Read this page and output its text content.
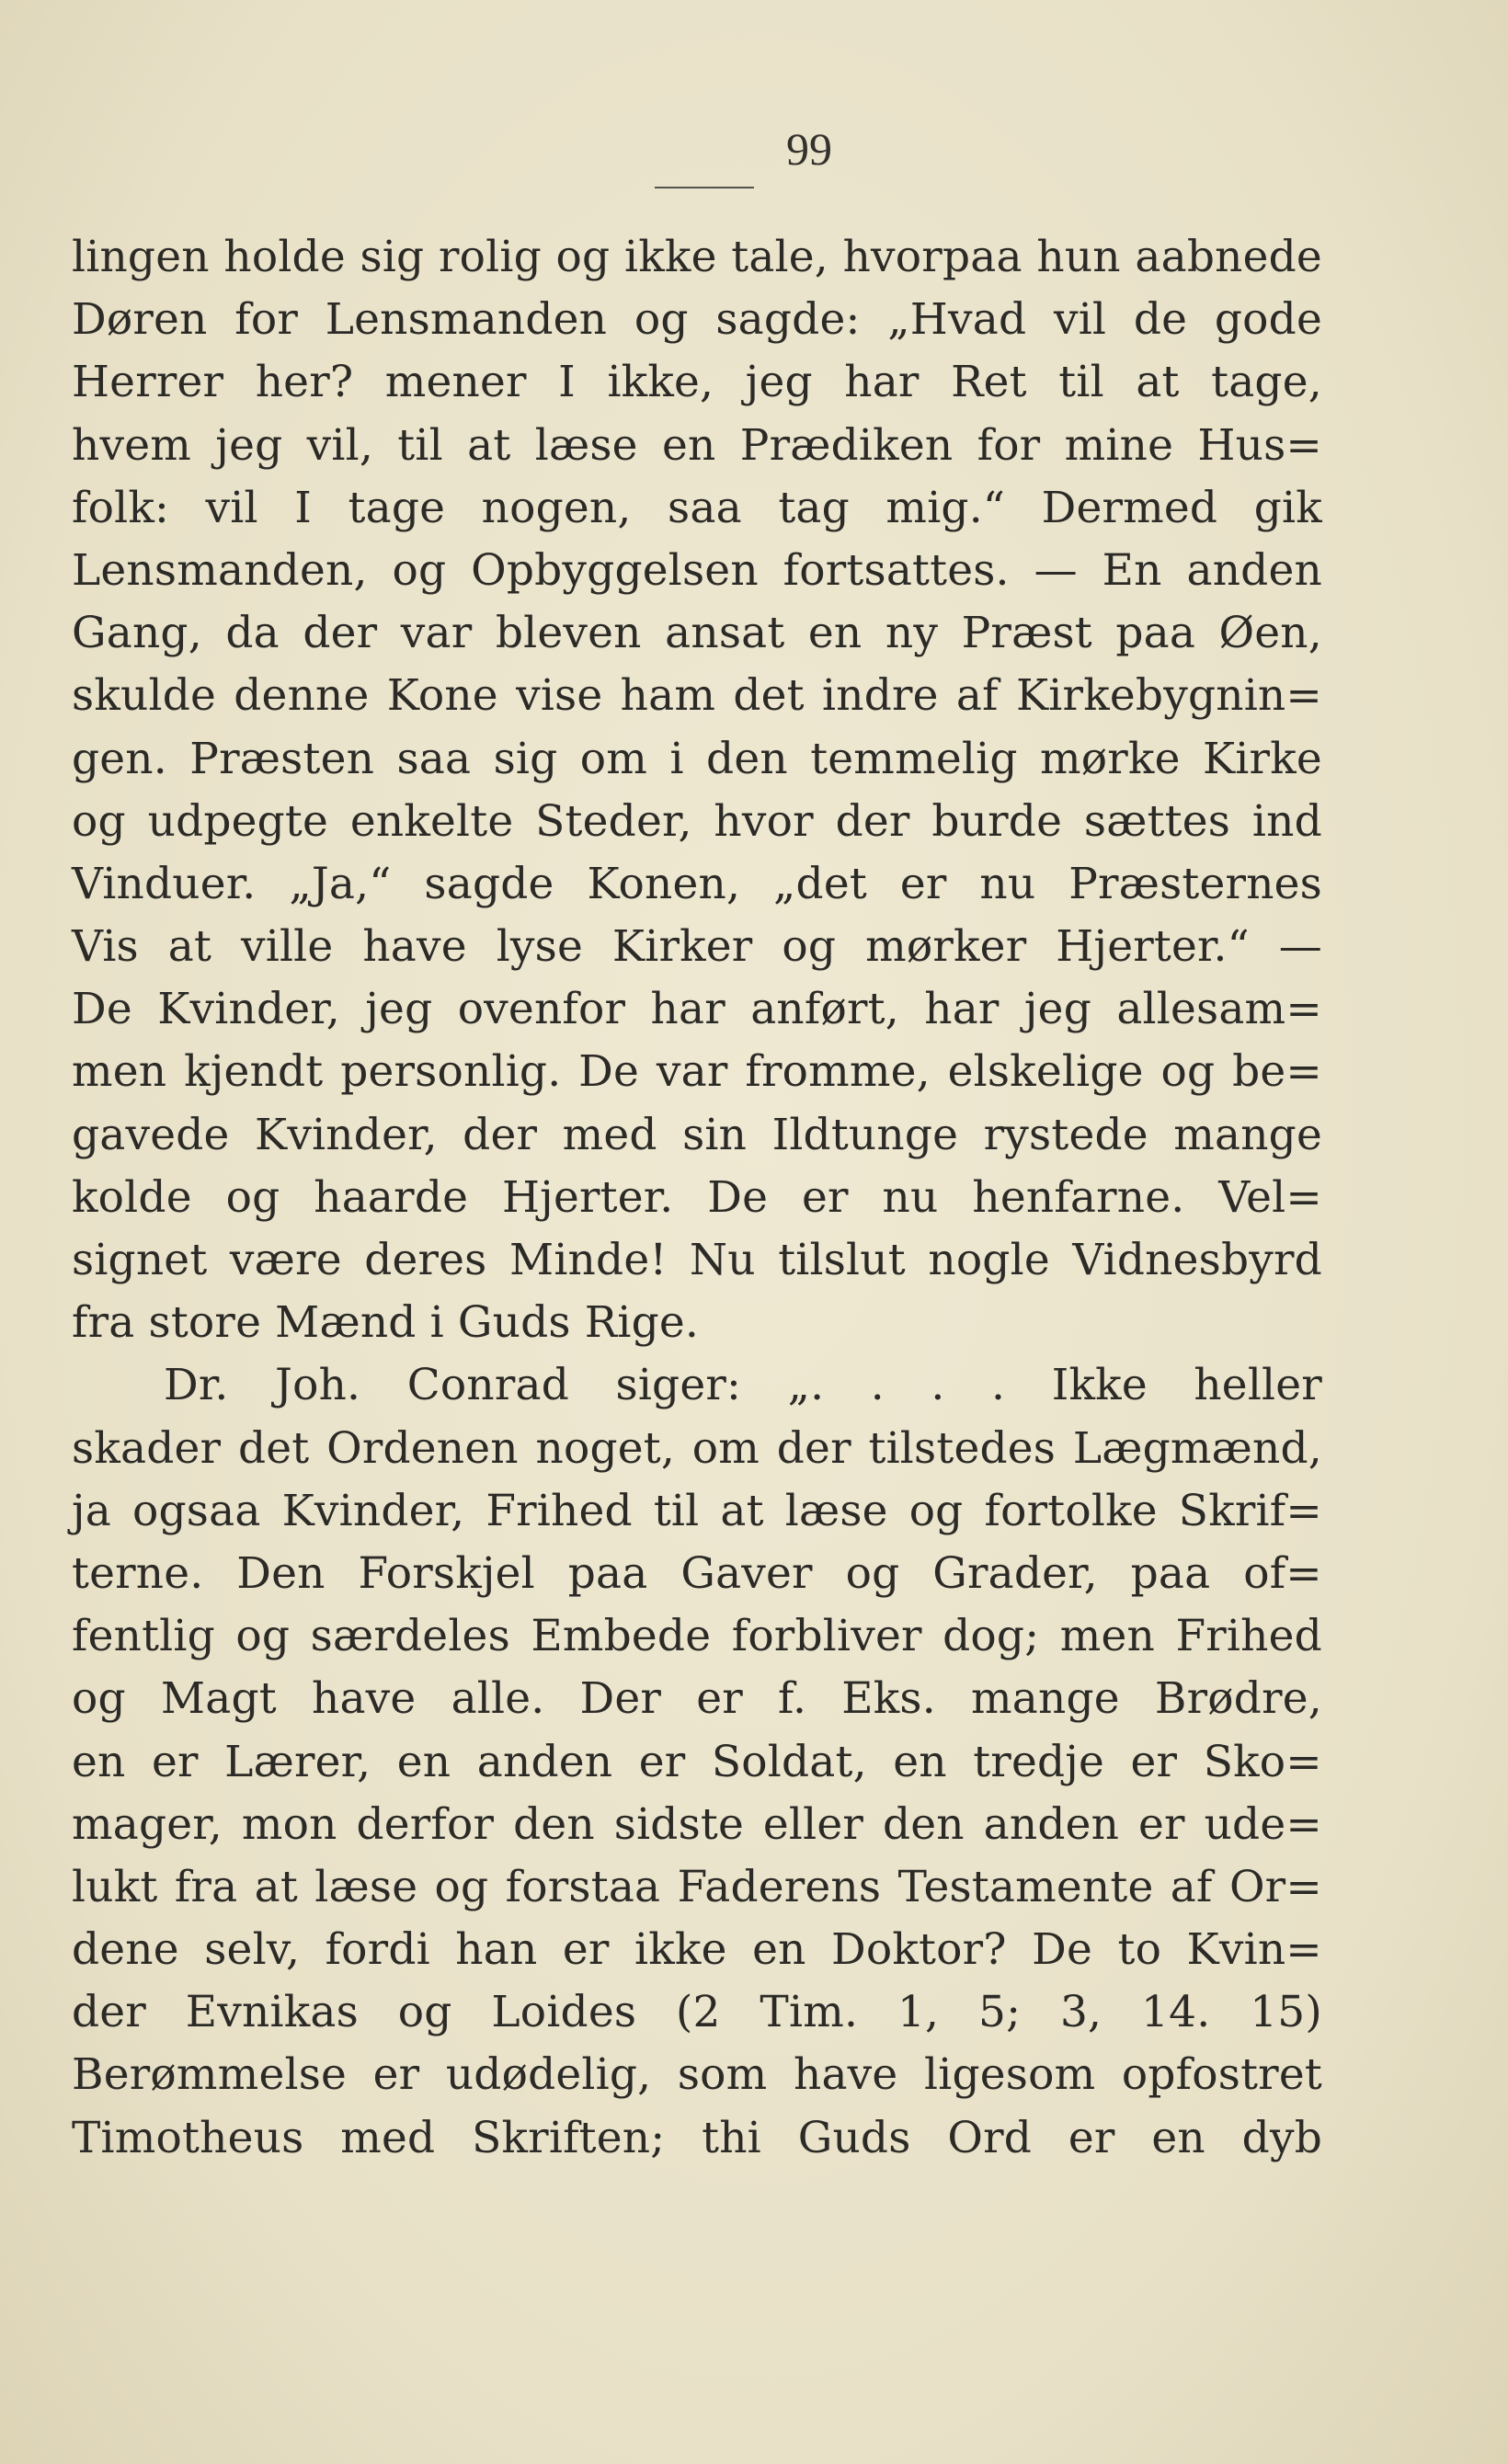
99
lingen holde sig rolig og ikke tale, hvorpaa hun aabnede
Døren for Lensmanden og sagde: „Hvad vil de gode
Herrer her? mener I ikke, jeg har Ret til at tage,
hvem jeg vil, til at læse en Prædiken for mine Hus=
folk: vil I tage nogen, saa tag mig.“ Dermed gik
Lensmanden, og Opbyggelsen fortsattes. — En anden
Gang, da der var bleven ansat en ny Præst paa Øen,
skulde denne Kone vise ham det indre af Kirkebygnin=
gen. Præsten saa sig om i den temmelig mørke Kirke
og udpegte enkelte Steder, hvor der burde sættes ind
Vinduer. „Ja,“ sagde Konen, „det er nu Præsternes
Vis at ville have lyse Kirker og mørker Hjerter.“ —
De Kvinder, jeg ovenfor har anført, har jeg allesam=
men kjendt personlig. De var fromme, elskelige og be=
gavede Kvinder, der med sin Ildtunge rystede mange
kolde og haarde Hjerter. De er nu henfarne. Vel=
signet være deres Minde! Nu tilslut nogle Vidnesbyrd
fra store Mænd i Guds Rige.
Dr. Joh. Conrad siger: „. . . . Ikke heller
skader det Ordenen noget, om der tilstedes Lægmænd,
ja ogsaa Kvinder, Frihed til at læse og fortolke Skrif=
terne. Den Forskjel paa Gaver og Grader, paa of=
fentlig og særdeles Embede forbliver dog; men Frihed
og Magt have alle. Der er f. Eks. mange Brødre,
en er Lærer, en anden er Soldat, en tredje er Sko=
mager, mon derfor den sidste eller den anden er ude=
lukt fra at læse og forstaa Faderens Testamente af Or=
dene selv, fordi han er ikke en Doktor? De to Kvin=
der Evnikas og Loides (2 Tim. 1, 5; 3, 14. 15)
Berømmelse er udødelig, som have ligesom opfostret
Timotheus med Skriften; thi Guds Ord er en dyb
